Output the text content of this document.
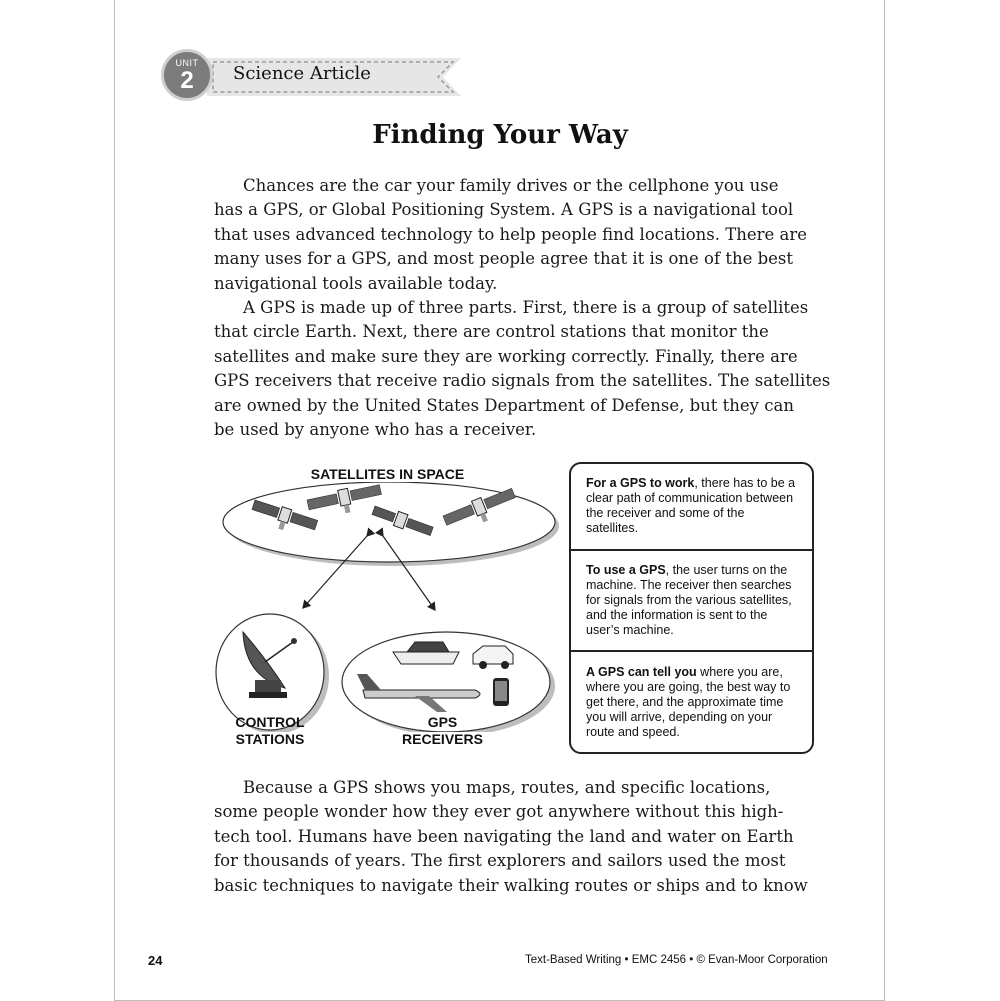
UNIT
2	Science Article
Finding Your Way
Chances are the car your family drives or the cellphone you use
has a GPS, or Global Positioning System. A GPS is a navigational tool
that uses advanced technology to help people find locations. There are
many uses for a GPS, and most people agree that it is one of the best
navigational tools available today.
A GPS is made up of three parts. First, there is a group of satellites
that circle Earth. Next, there are control stations that monitor the
satellites and make sure they are working correctly. Finally, there are
GPS receivers that receive radio signals from the satellites. The satellites
are owned by the United States Department of Defense, but they can
be used by anyone who has a receiver.
SATELLITES IN SPACE
CONTROL
STATIONS
GPS
RECEIVERS
For a GPS to work, there has to be a clear path of communication between the receiver and some of the satellites.
To use a GPS, the user turns on the machine. The receiver then searches for signals from the various satellites, and the information is sent to the user’s machine.
A GPS can tell you where you are, where you are going, the best way to get there, and the approximate time you will arrive, depending on your route and speed.
Because a GPS shows you maps, routes, and specific locations,
some people wonder how they ever got anywhere without this high-
tech tool. Humans have been navigating the land and water on Earth
for thousands of years. The first explorers and sailors used the most
basic techniques to navigate their walking routes or ships and to know
24	Text-Based Writing • EMC 2456 • © Evan-Moor Corporation
